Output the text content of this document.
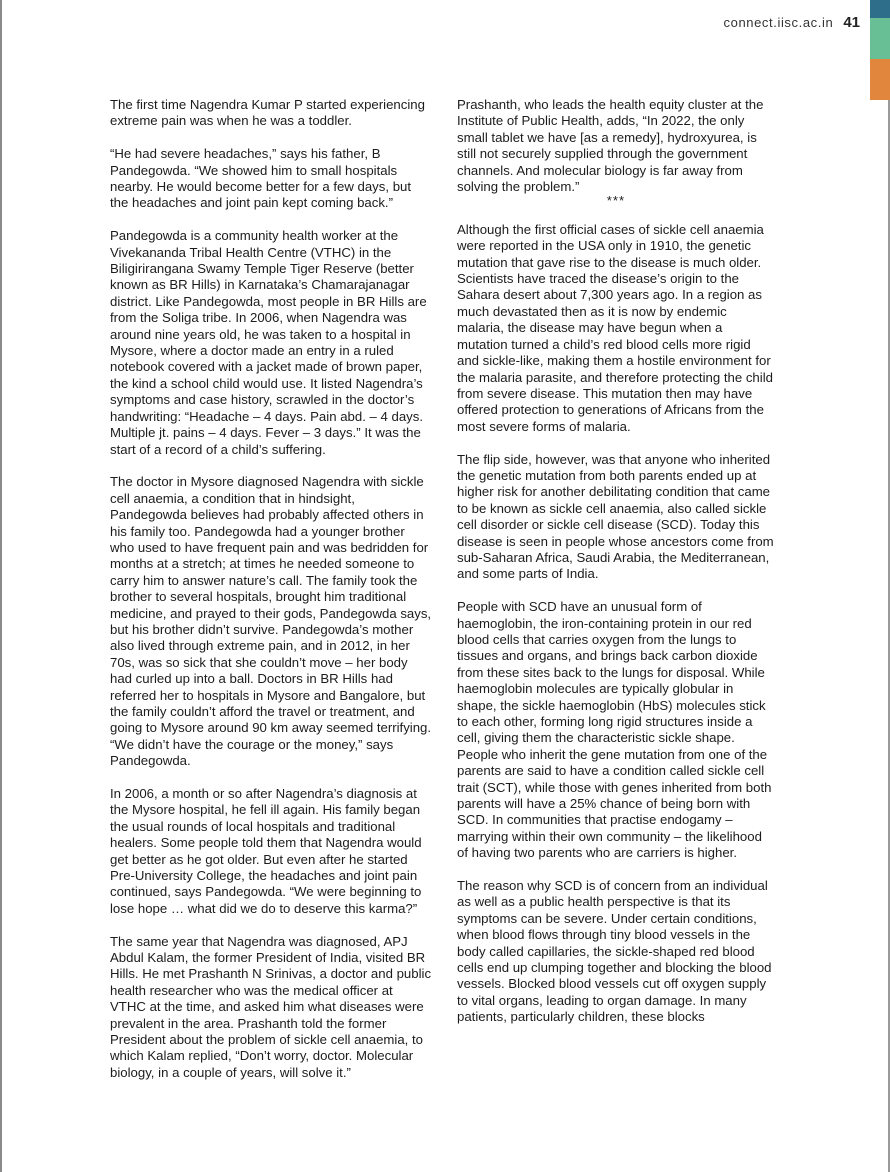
connect.iisc.ac.in 41

The first time Nagendra Kumar P started experiencing extreme pain was when he was a toddler.

“He had severe headaches,” says his father, B Pandegowda. “We showed him to small hospitals nearby. He would become better for a few days, but the headaches and joint pain kept coming back.”

Pandegowda is a community health worker at the Vivekananda Tribal Health Centre (VTHC) in the Biligirirangana Swamy Temple Tiger Reserve (better known as BR Hills) in Karnataka’s Chamarajanagar district. Like Pandegowda, most people in BR Hills are from the Soliga tribe. In 2006, when Nagendra was around nine years old, he was taken to a hospital in Mysore, where a doctor made an entry in a ruled notebook covered with a jacket made of brown paper, the kind a school child would use. It listed Nagendra’s symptoms and case history, scrawled in the doctor’s handwriting: “Headache – 4 days. Pain abd. – 4 days. Multiple jt. pains – 4 days. Fever – 3 days.” It was the start of a record of a child’s suffering.

The doctor in Mysore diagnosed Nagendra with sickle cell anaemia, a condition that in hindsight, Pandegowda believes had probably affected others in his family too. Pandegowda had a younger brother who used to have frequent pain and was bedridden for months at a stretch; at times he needed someone to carry him to answer nature’s call. The family took the brother to several hospitals, brought him traditional medicine, and prayed to their gods, Pandegowda says, but his brother didn’t survive. Pandegowda’s mother also lived through extreme pain, and in 2012, in her 70s, was so sick that she couldn’t move – her body had curled up into a ball. Doctors in BR Hills had referred her to hospitals in Mysore and Bangalore, but the family couldn’t afford the travel or treatment, and going to Mysore around 90 km away seemed terrifying. “We didn’t have the courage or the money,” says Pandegowda.

In 2006, a month or so after Nagendra’s diagnosis at the Mysore hospital, he fell ill again. His family began the usual rounds of local hospitals and traditional healers. Some people told them that Nagendra would get better as he got older. But even after he started Pre-University College, the headaches and joint pain continued, says Pandegowda. “We were beginning to lose hope … what did we do to deserve this karma?”

The same year that Nagendra was diagnosed, APJ Abdul Kalam, the former President of India, visited BR Hills. He met Prashanth N Srinivas, a doctor and public health researcher who was the medical officer at VTHC at the time, and asked him what diseases were prevalent in the area. Prashanth told the former President about the problem of sickle cell anaemia, to which Kalam replied, “Don’t worry, doctor. Molecular biology, in a couple of years, will solve it.”

Prashanth, who leads the health equity cluster at the Institute of Public Health, adds, “In 2022, the only small tablet we have [as a remedy], hydroxyurea, is still not securely supplied through the government channels. And molecular biology is far away from solving the problem.”

***

Although the first official cases of sickle cell anaemia were reported in the USA only in 1910, the genetic mutation that gave rise to the disease is much older. Scientists have traced the disease’s origin to the Sahara desert about 7,300 years ago. In a region as much devastated then as it is now by endemic malaria, the disease may have begun when a mutation turned a child’s red blood cells more rigid and sickle-like, making them a hostile environment for the malaria parasite, and therefore protecting the child from severe disease. This mutation then may have offered protection to generations of Africans from the most severe forms of malaria.

The flip side, however, was that anyone who inherited the genetic mutation from both parents ended up at higher risk for another debilitating condition that came to be known as sickle cell anaemia, also called sickle cell disorder or sickle cell disease (SCD). Today this disease is seen in people whose ancestors come from sub-Saharan Africa, Saudi Arabia, the Mediterranean, and some parts of India.

People with SCD have an unusual form of haemoglobin, the iron-containing protein in our red blood cells that carries oxygen from the lungs to tissues and organs, and brings back carbon dioxide from these sites back to the lungs for disposal. While haemoglobin molecules are typically globular in shape, the sickle haemoglobin (HbS) molecules stick to each other, forming long rigid structures inside a cell, giving them the characteristic sickle shape. People who inherit the gene mutation from one of the parents are said to have a condition called sickle cell trait (SCT), while those with genes inherited from both parents will have a 25% chance of being born with SCD. In communities that practise endogamy – marrying within their own community – the likelihood of having two parents who are carriers is higher.

The reason why SCD is of concern from an individual as well as a public health perspective is that its symptoms can be severe. Under certain conditions, when blood flows through tiny blood vessels in the body called capillaries, the sickle-shaped red blood cells end up clumping together and blocking the blood vessels. Blocked blood vessels cut off oxygen supply to vital organs, leading to organ damage. In many patients, particularly children, these blocks
